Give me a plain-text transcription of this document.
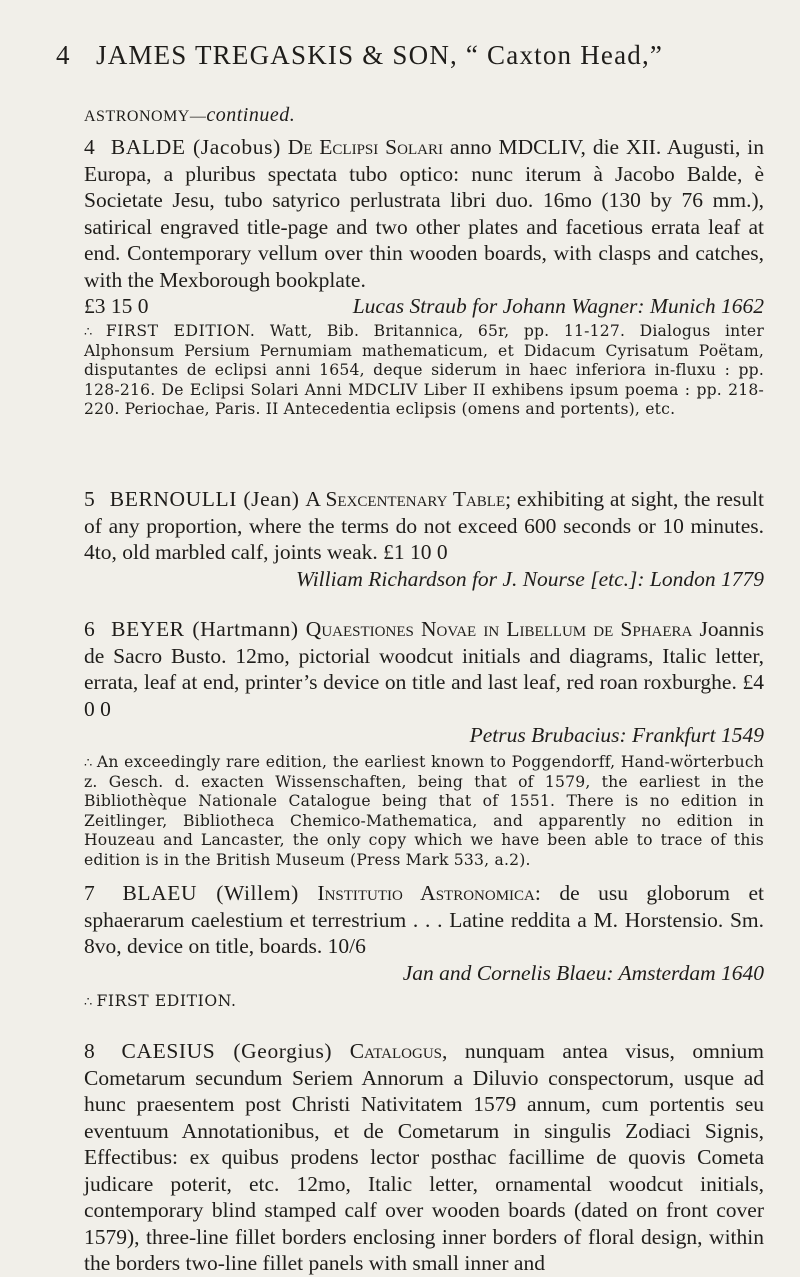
4 JAMES TREGASKIS & SON, “ Caxton Head,”
ASTRONOMY—continued.
4 BALDE (Jacobus) De Eclipsi Solari anno MDCLIV, die XII. Augusti, in Europa, a pluribus spectata tubo optico: nunc iterum à Jacobo Balde, è Societate Jesu, tubo satyrico perlustrata libri duo. 16mo (130 by 76 mm.), satirical engraved title-page and two other plates and facetious errata leaf at end. Contemporary vellum over thin wooden boards, with clasps and catches, with the Mexborough bookplate.
£3 15 0	Lucas Straub for Johann Wagner: Munich 1662
∴ FIRST EDITION. Watt, Bib. Britannica, 65r, pp. 11-127. Dialogus inter Alphonsum Persium Pernumiam mathematicum, et Didacum Cyrisatum Poëtam, disputantes de eclipsi anni 1654, deque siderum in haec inferiora in-fluxu : pp. 128-216. De Eclipsi Solari Anni MDCLIV Liber II exhibens ipsum poema : pp. 218-220. Periochae, Paris. II Antecedentia eclipsis (omens and portents), etc.
5 BERNOULLI (Jean) A Sexcentenary Table; exhibiting at sight, the result of any proportion, where the terms do not exceed 600 seconds or 10 minutes. 4to, old marbled calf, joints weak. £1 10 0
William Richardson for J. Nourse [etc.]: London 1779
6 BEYER (Hartmann) Quaestiones Novae in Libellum de Sphaera Joannis de Sacro Busto. 12mo, pictorial woodcut initials and diagrams, Italic letter, errata, leaf at end, printer’s device on title and last leaf, red roan roxburghe. £4 0 0
Petrus Brubacius: Frankfurt 1549
∴ An exceedingly rare edition, the earliest known to Poggendorff, Hand-wörterbuch z. Gesch. d. exacten Wissenschaften, being that of 1579, the earliest in the Bibliothèque Nationale Catalogue being that of 1551. There is no edition in Zeitlinger, Bibliotheca Chemico-Mathematica, and apparently no edition in Houzeau and Lancaster, the only copy which we have been able to trace of this edition is in the British Museum (Press Mark 533, a.2).
7 BLAEU (Willem) Institutio Astronomica: de usu globorum et sphaerarum caelestium et terrestrium . . . Latine reddita a M. Horstensio. Sm. 8vo, device on title, boards. 10/6
Jan and Cornelis Blaeu: Amsterdam 1640
∴ FIRST EDITION.
8 CAESIUS (Georgius) Catalogus, nunquam antea visus, omnium Cometarum secundum Seriem Annorum a Diluvio conspectorum, usque ad hunc praesentem post Christi Nativitatem 1579 annum, cum portentis seu eventuum Annotationibus, et de Cometarum in singulis Zodiaci Signis, Effectibus: ex quibus prodens lector posthac facillime de quovis Cometa judicare poterit, etc. 12mo, Italic letter, ornamental woodcut initials, contemporary blind stamped calf over wooden boards (dated on front cover 1579), three-line fillet borders enclosing inner borders of floral design, within the borders two-line fillet panels with small inner and
